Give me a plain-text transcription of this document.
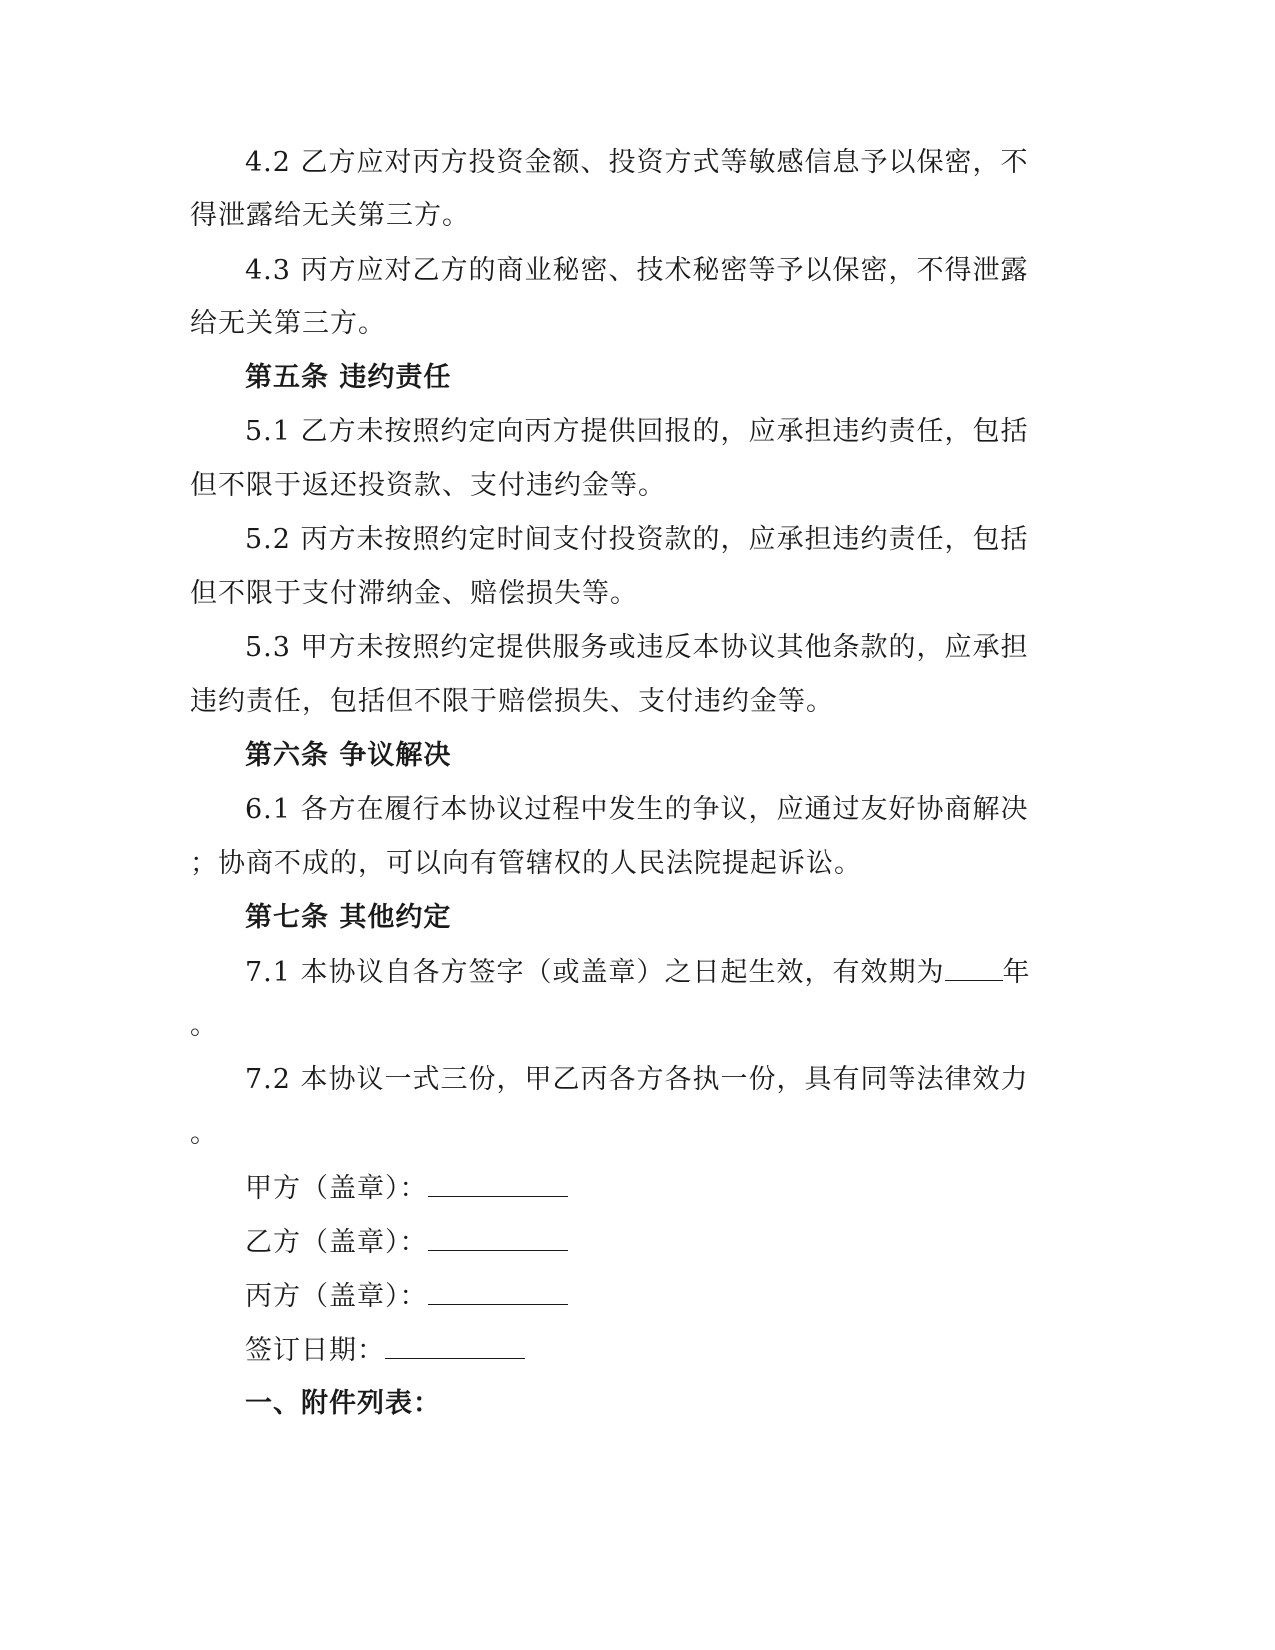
4.2 乙方应对丙方投资金额、投资方式等敏感信息予以保密，不
得泄露给无关第三方。
4.3 丙方应对乙方的商业秘密、技术秘密等予以保密，不得泄露
给无关第三方。
第五条 违约责任
5.1 乙方未按照约定向丙方提供回报的，应承担违约责任，包括
但不限于返还投资款、支付违约金等。
5.2 丙方未按照约定时间支付投资款的，应承担违约责任，包括
但不限于支付滞纳金、赔偿损失等。
5.3 甲方未按照约定提供服务或违反本协议其他条款的，应承担
违约责任，包括但不限于赔偿损失、支付违约金等。
第六条 争议解决
6.1 各方在履行本协议过程中发生的争议，应通过友好协商解决
；协商不成的，可以向有管辖权的人民法院提起诉讼。
第七条 其他约定
7.1 本协议自各方签字（或盖章）之日起生效，有效期为 年
。
7.2 本协议一式三份，甲乙丙各方各执一份，具有同等法律效力
。
甲方（盖章）：
乙方（盖章）：
丙方（盖章）：
签订日期：
一、附件列表：
